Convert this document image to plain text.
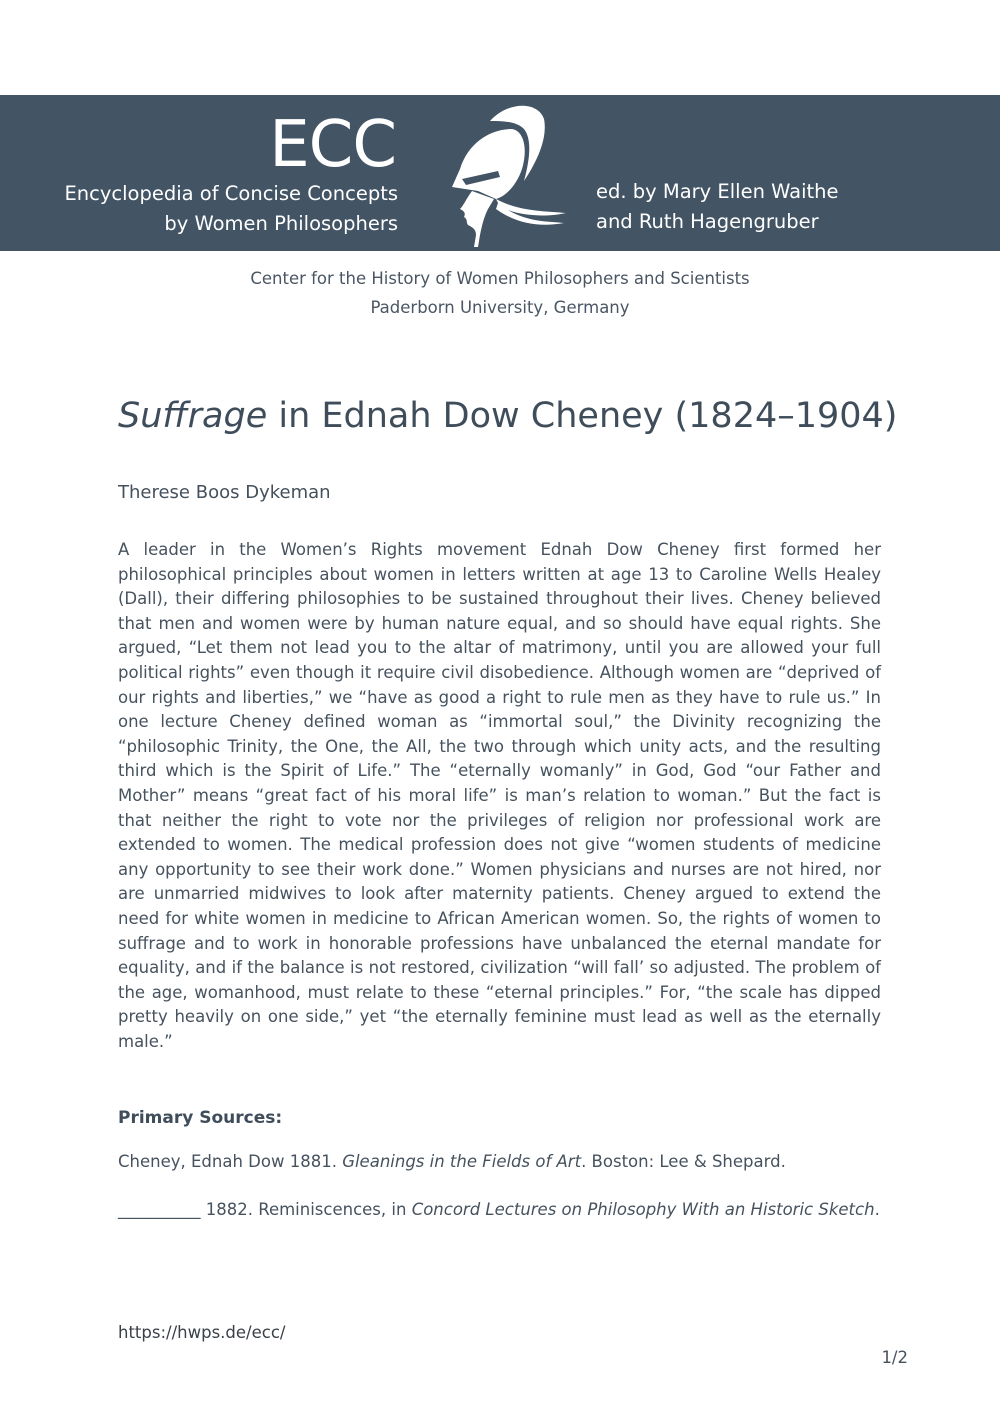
ECC
Encyclopedia of Concise Concepts
by Women Philosophers
ed. by Mary Ellen Waithe
and Ruth Hagengruber
Center for the History of Women Philosophers and Scientists
Paderborn University, Germany
Suffrage in Ednah Dow Cheney (1824–1904)
Therese Boos Dykeman

A leader in the Women’s Rights movement Ednah Dow Cheney first formed her philosophical principles about women in letters written at age 13 to Caroline Wells Healey (Dall), their differing philosophies to be sustained throughout their lives. Cheney believed that men and women were by human nature equal, and so should have equal rights. She argued, “Let them not lead you to the altar of matrimony, until you are allowed your full political rights” even though it require civil disobedience. Although women are “deprived of our rights and liberties,” we “have as good a right to rule men as they have to rule us.” In one lecture Cheney defined woman as “immortal soul,” the Divinity recognizing the “philosophic Trinity, the One, the All, the two through which unity acts, and the resulting third which is the Spirit of Life.” The “eternally womanly” in God, God “our Father and Mother” means “great fact of his moral life” is man’s relation to woman.” But the fact is that neither the right to vote nor the privileges of religion nor professional work are extended to women. The medical profession does not give “women students of medicine any opportunity to see their work done.” Women physicians and nurses are not hired, nor are unmarried midwives to look after maternity patients. Cheney argued to extend the need for white women in medicine to African American women. So, the rights of women to suffrage and to work in honorable professions have unbalanced the eternal mandate for equality, and if the balance is not restored, civilization “will fall’ so adjusted. The problem of the age, womanhood, must relate to these “eternal principles.” For, “the scale has dipped pretty heavily on one side,” yet “the eternally feminine must lead as well as the eternally male.”

Primary Sources:

Cheney, Ednah Dow 1881. Gleanings in the Fields of Art. Boston: Lee & Shepard.

__________ 1882. Reminiscences, in Concord Lectures on Philosophy With an Historic Sketch.

https://hwps.de/ecc/
1/2
